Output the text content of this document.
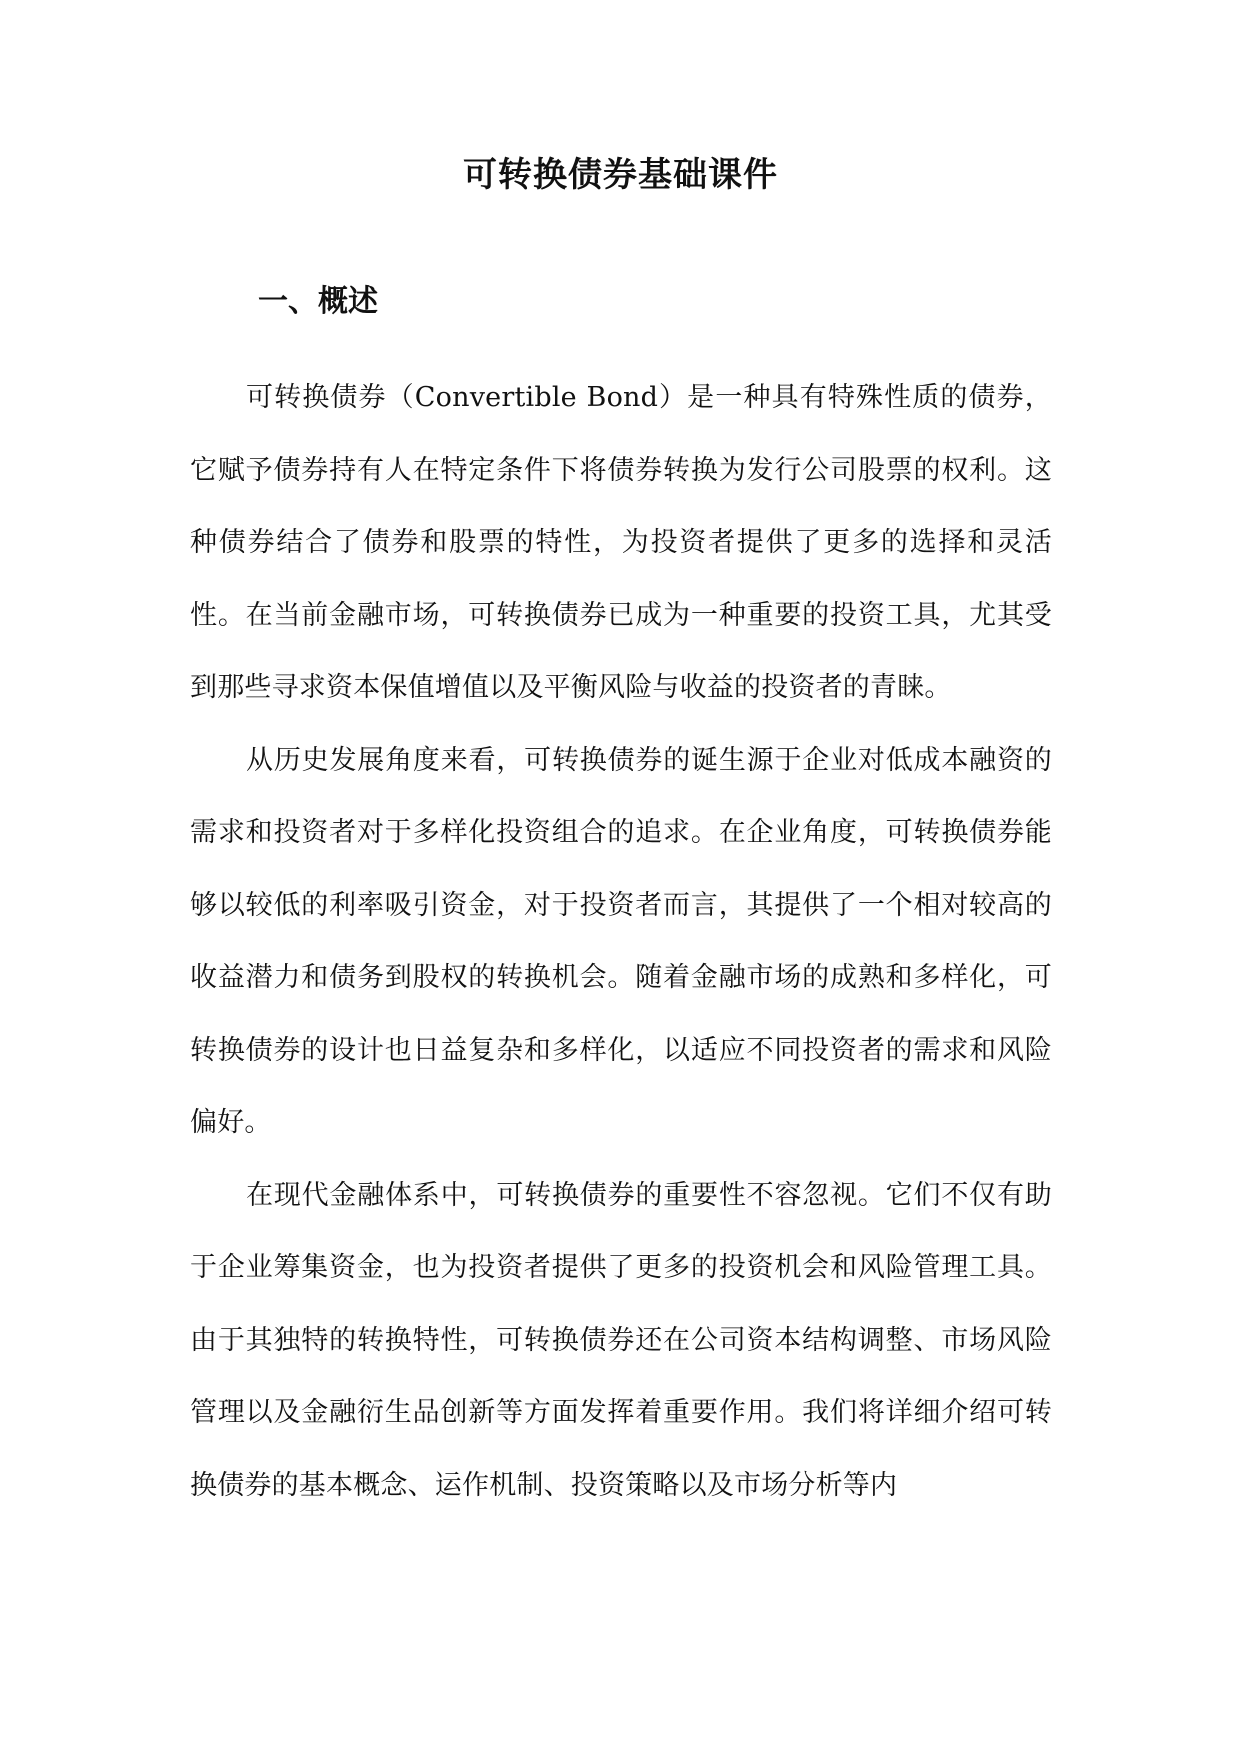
可转换债券基础课件
一、概述

可转换债券（Convertible Bond）是一种具有特殊性质的债券，它赋予债券持有人在特定条件下将债券转换为发行公司股票的权利。这种债券结合了债券和股票的特性，为投资者提供了更多的选择和灵活性。在当前金融市场，可转换债券已成为一种重要的投资工具，尤其受到那些寻求资本保值增值以及平衡风险与收益的投资者的青睐。

从历史发展角度来看，可转换债券的诞生源于企业对低成本融资的需求和投资者对于多样化投资组合的追求。在企业角度，可转换债券能够以较低的利率吸引资金，对于投资者而言，其提供了一个相对较高的收益潜力和债务到股权的转换机会。随着金融市场的成熟和多样化，可转换债券的设计也日益复杂和多样化，以适应不同投资者的需求和风险偏好。

在现代金融体系中，可转换债券的重要性不容忽视。它们不仅有助于企业筹集资金，也为投资者提供了更多的投资机会和风险管理工具。由于其独特的转换特性，可转换债券还在公司资本结构调整、市场风险管理以及金融衍生品创新等方面发挥着重要作用。我们将详细介绍可转换债券的基本概念、运作机制、投资策略以及市场分析等内
